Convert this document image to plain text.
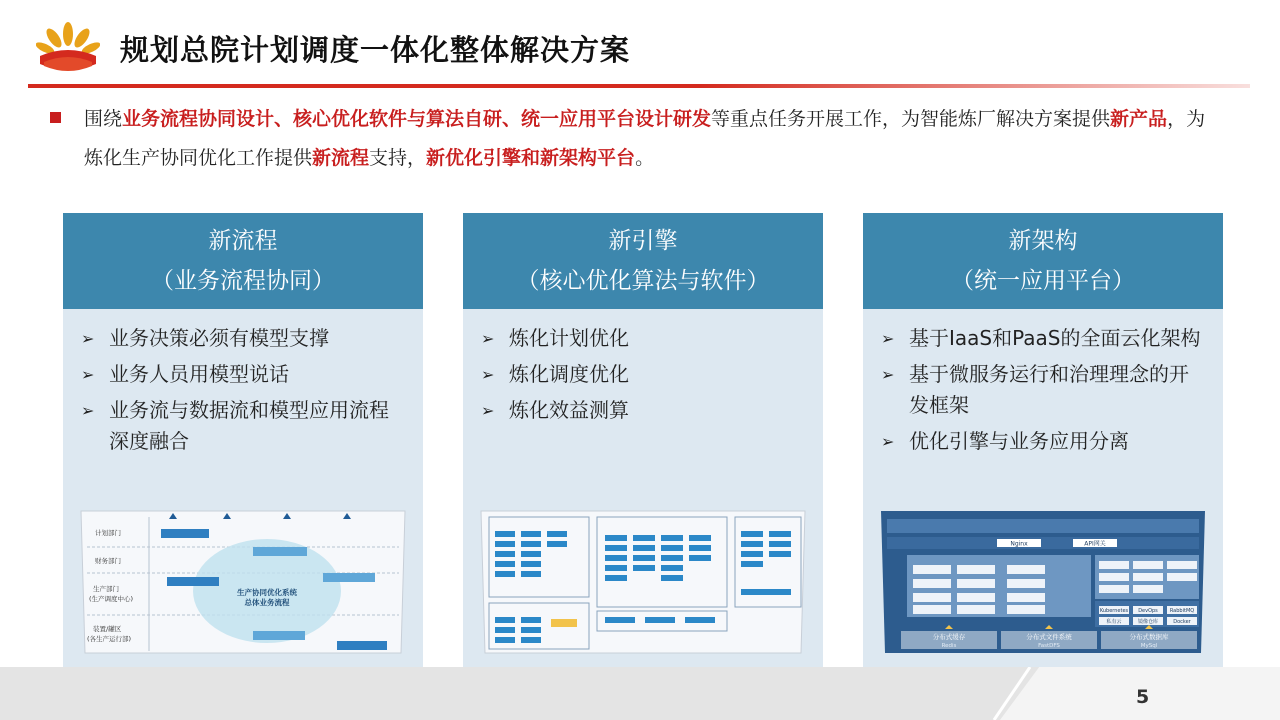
规划总院计划调度一体化整体解决方案
围绕业务流程协同设计、核心优化软件与算法自研、统一应用平台设计研发等重点任务开展工作，为智能炼厂解决方案提供新产品，为炼化生产协同优化工作提供新流程支持，新优化引擎和新架构平台。
新流程
（业务流程协同）
➢ 业务决策必须有模型支撑
➢ 业务人员用模型说话
➢ 业务流与数据流和模型应用流程深度融合
计划部门
财务部门
生产部门
(生产调度中心)
装置/罐区
(各生产运行部)
生产协同优化系统
总体业务流程
新引擎
（核心优化算法与软件）
➢ 炼化计划优化
➢ 炼化调度优化
➢ 炼化效益测算
新架构
（统一应用平台）
➢ 基于IaaS和PaaS的全面云化架构
➢ 基于微服务运行和治理理念的开发框架
➢ 优化引擎与业务应用分离
Nginx	API网关
Kubernetes DevOps RabbitMQ
私有云	镜像仓库	Docker
分布式缓存	分布式文件系统	分布式数据库
Redis	FastDFS	MySql
5
